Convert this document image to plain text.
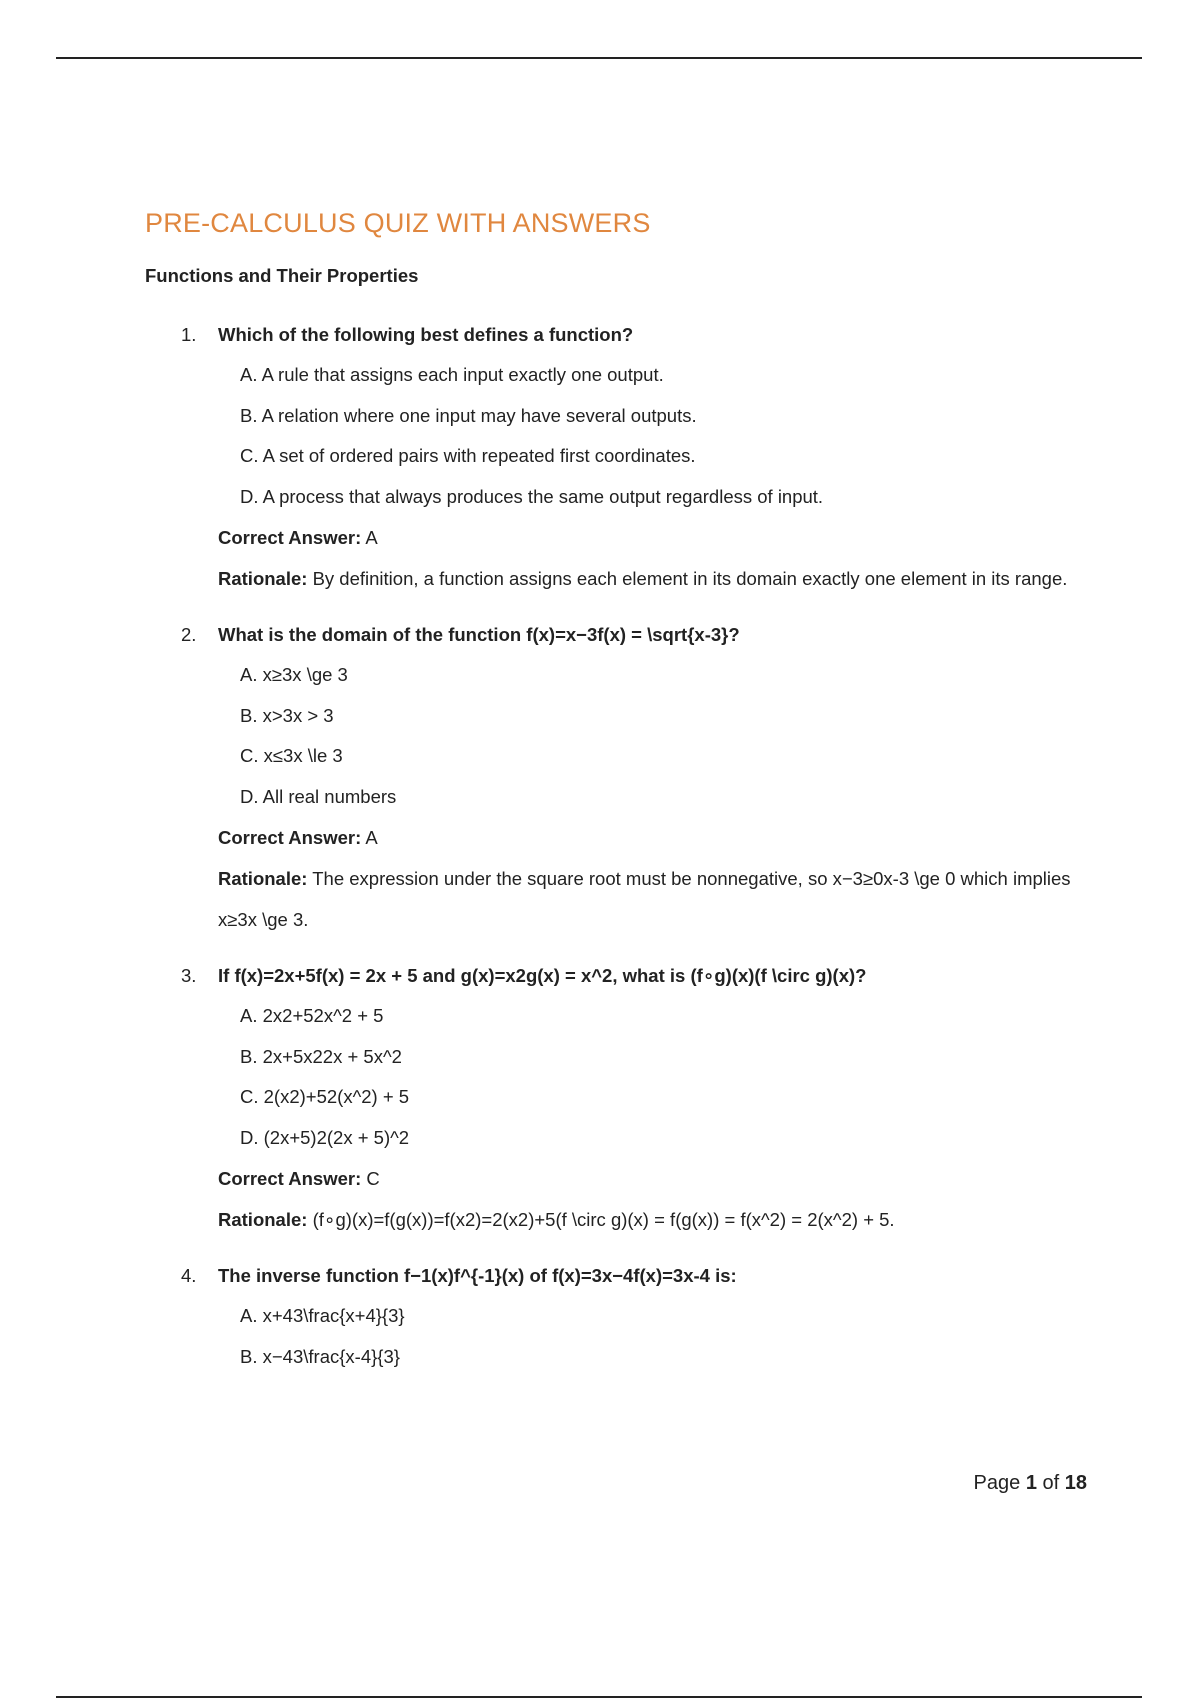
PRE-CALCULUS QUIZ WITH ANSWERS
Functions and Their Properties
1. Which of the following best defines a function?
A. A rule that assigns each input exactly one output.
B. A relation where one input may have several outputs.
C. A set of ordered pairs with repeated first coordinates.
D. A process that always produces the same output regardless of input.
Correct Answer: A
Rationale: By definition, a function assigns each element in its domain exactly one element in its range.
2. What is the domain of the function f(x)=x−3f(x) = \sqrt{x-3}?
A. x≥3x \ge 3
B. x>3x > 3
C. x≤3x \le 3
D. All real numbers
Correct Answer: A
Rationale: The expression under the square root must be nonnegative, so x−3≥0x-3 \ge 0 which implies x≥3x \ge 3.
3. If f(x)=2x+5f(x) = 2x + 5 and g(x)=x2g(x) = x^2, what is (f∘g)(x)(f \circ g)(x)?
A. 2x2+52x^2 + 5
B. 2x+5x22x + 5x^2
C. 2(x2)+52(x^2) + 5
D. (2x+5)2(2x + 5)^2
Correct Answer: C
Rationale: (f∘g)(x)=f(g(x))=f(x2)=2(x2)+5(f \circ g)(x) = f(g(x)) = f(x^2) = 2(x^2) + 5.
4. The inverse function f−1(x)f^{-1}(x) of f(x)=3x−4f(x)=3x-4 is:
A. x+43\frac{x+4}{3}
B. x−43\frac{x-4}{3}
Page 1 of 18
